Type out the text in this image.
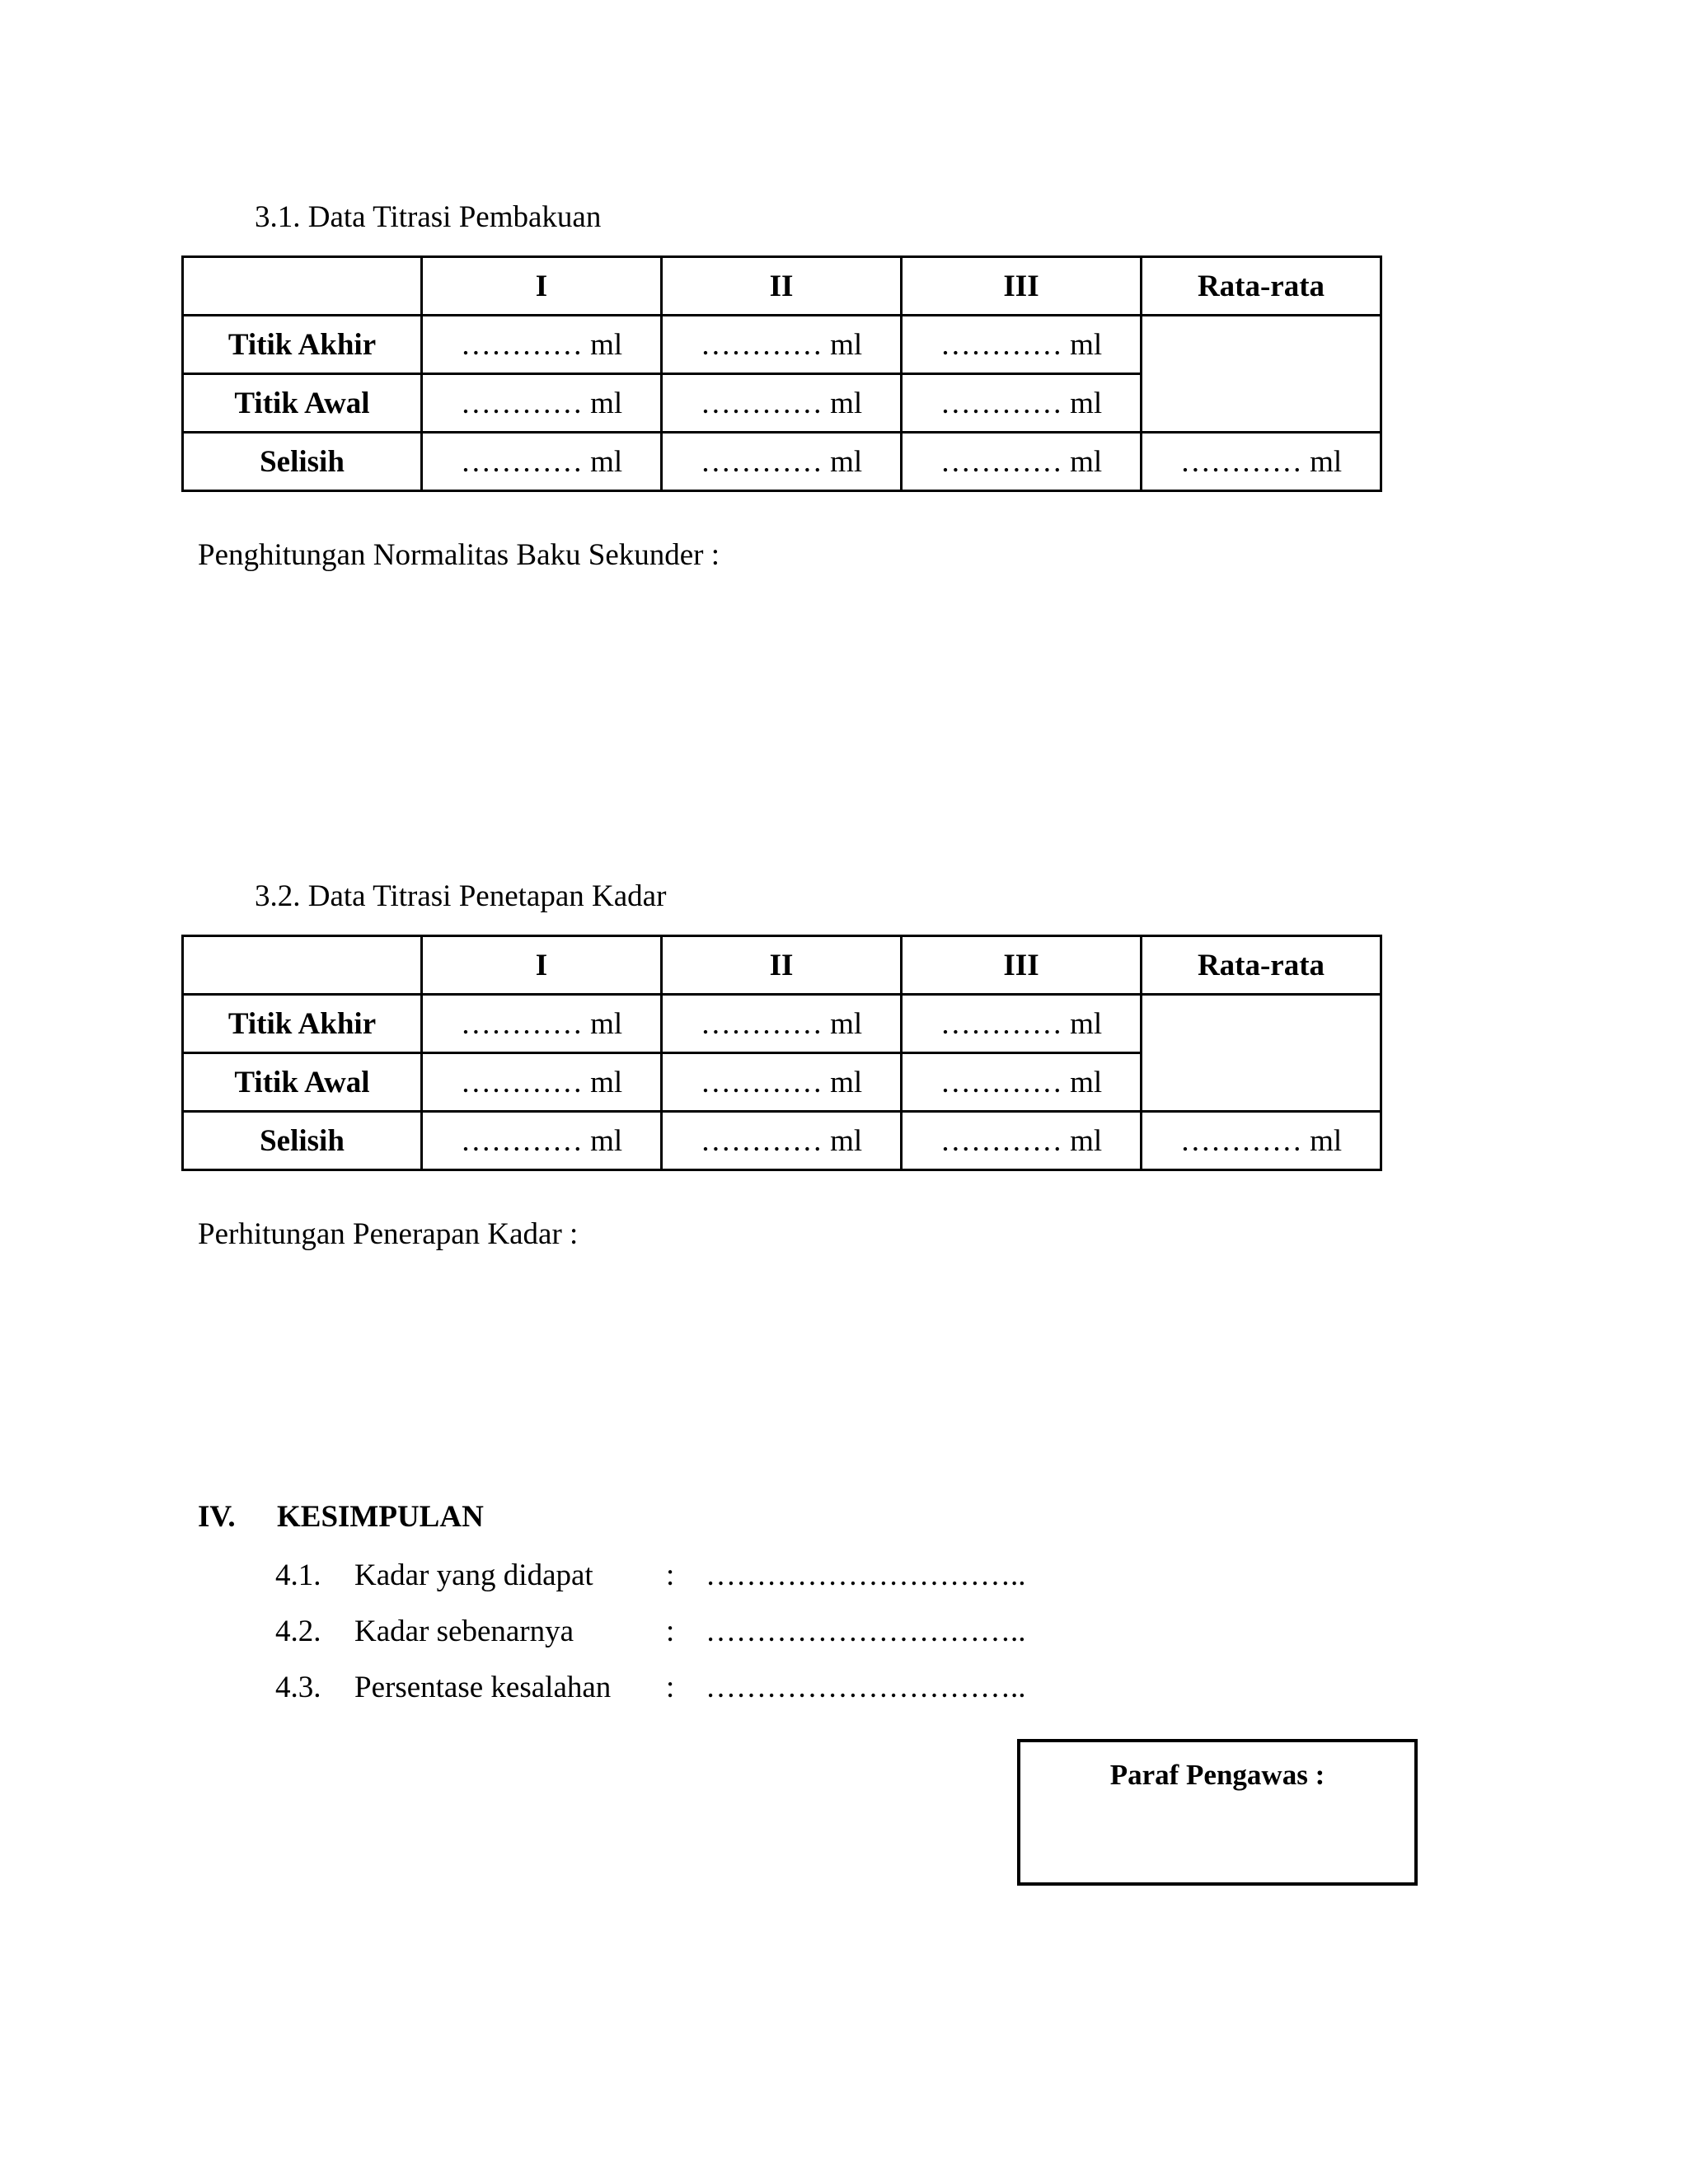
3.1. Data Titrasi Pembakuan
	I	II	III	Rata-rata
Titik Akhir	………… ml	………… ml	………… ml	
Titik Awal	………… ml	………… ml	………… ml	
Selisih	………… ml	………… ml	………… ml	………… ml
Penghitungan Normalitas Baku Sekunder :
3.2. Data Titrasi Penetapan Kadar
	I	II	III	Rata-rata
Titik Akhir	………… ml	………… ml	………… ml	
Titik Awal	………… ml	………… ml	………… ml	
Selisih	………… ml	………… ml	………… ml	………… ml
Perhitungan Penerapan Kadar :
IV. KESIMPULAN
4.1. Kadar yang didapat : …………………………..
4.2. Kadar sebenarnya	: …………………………..
4.3. Persentase kesalahan : …………………………..
Paraf Pengawas :
